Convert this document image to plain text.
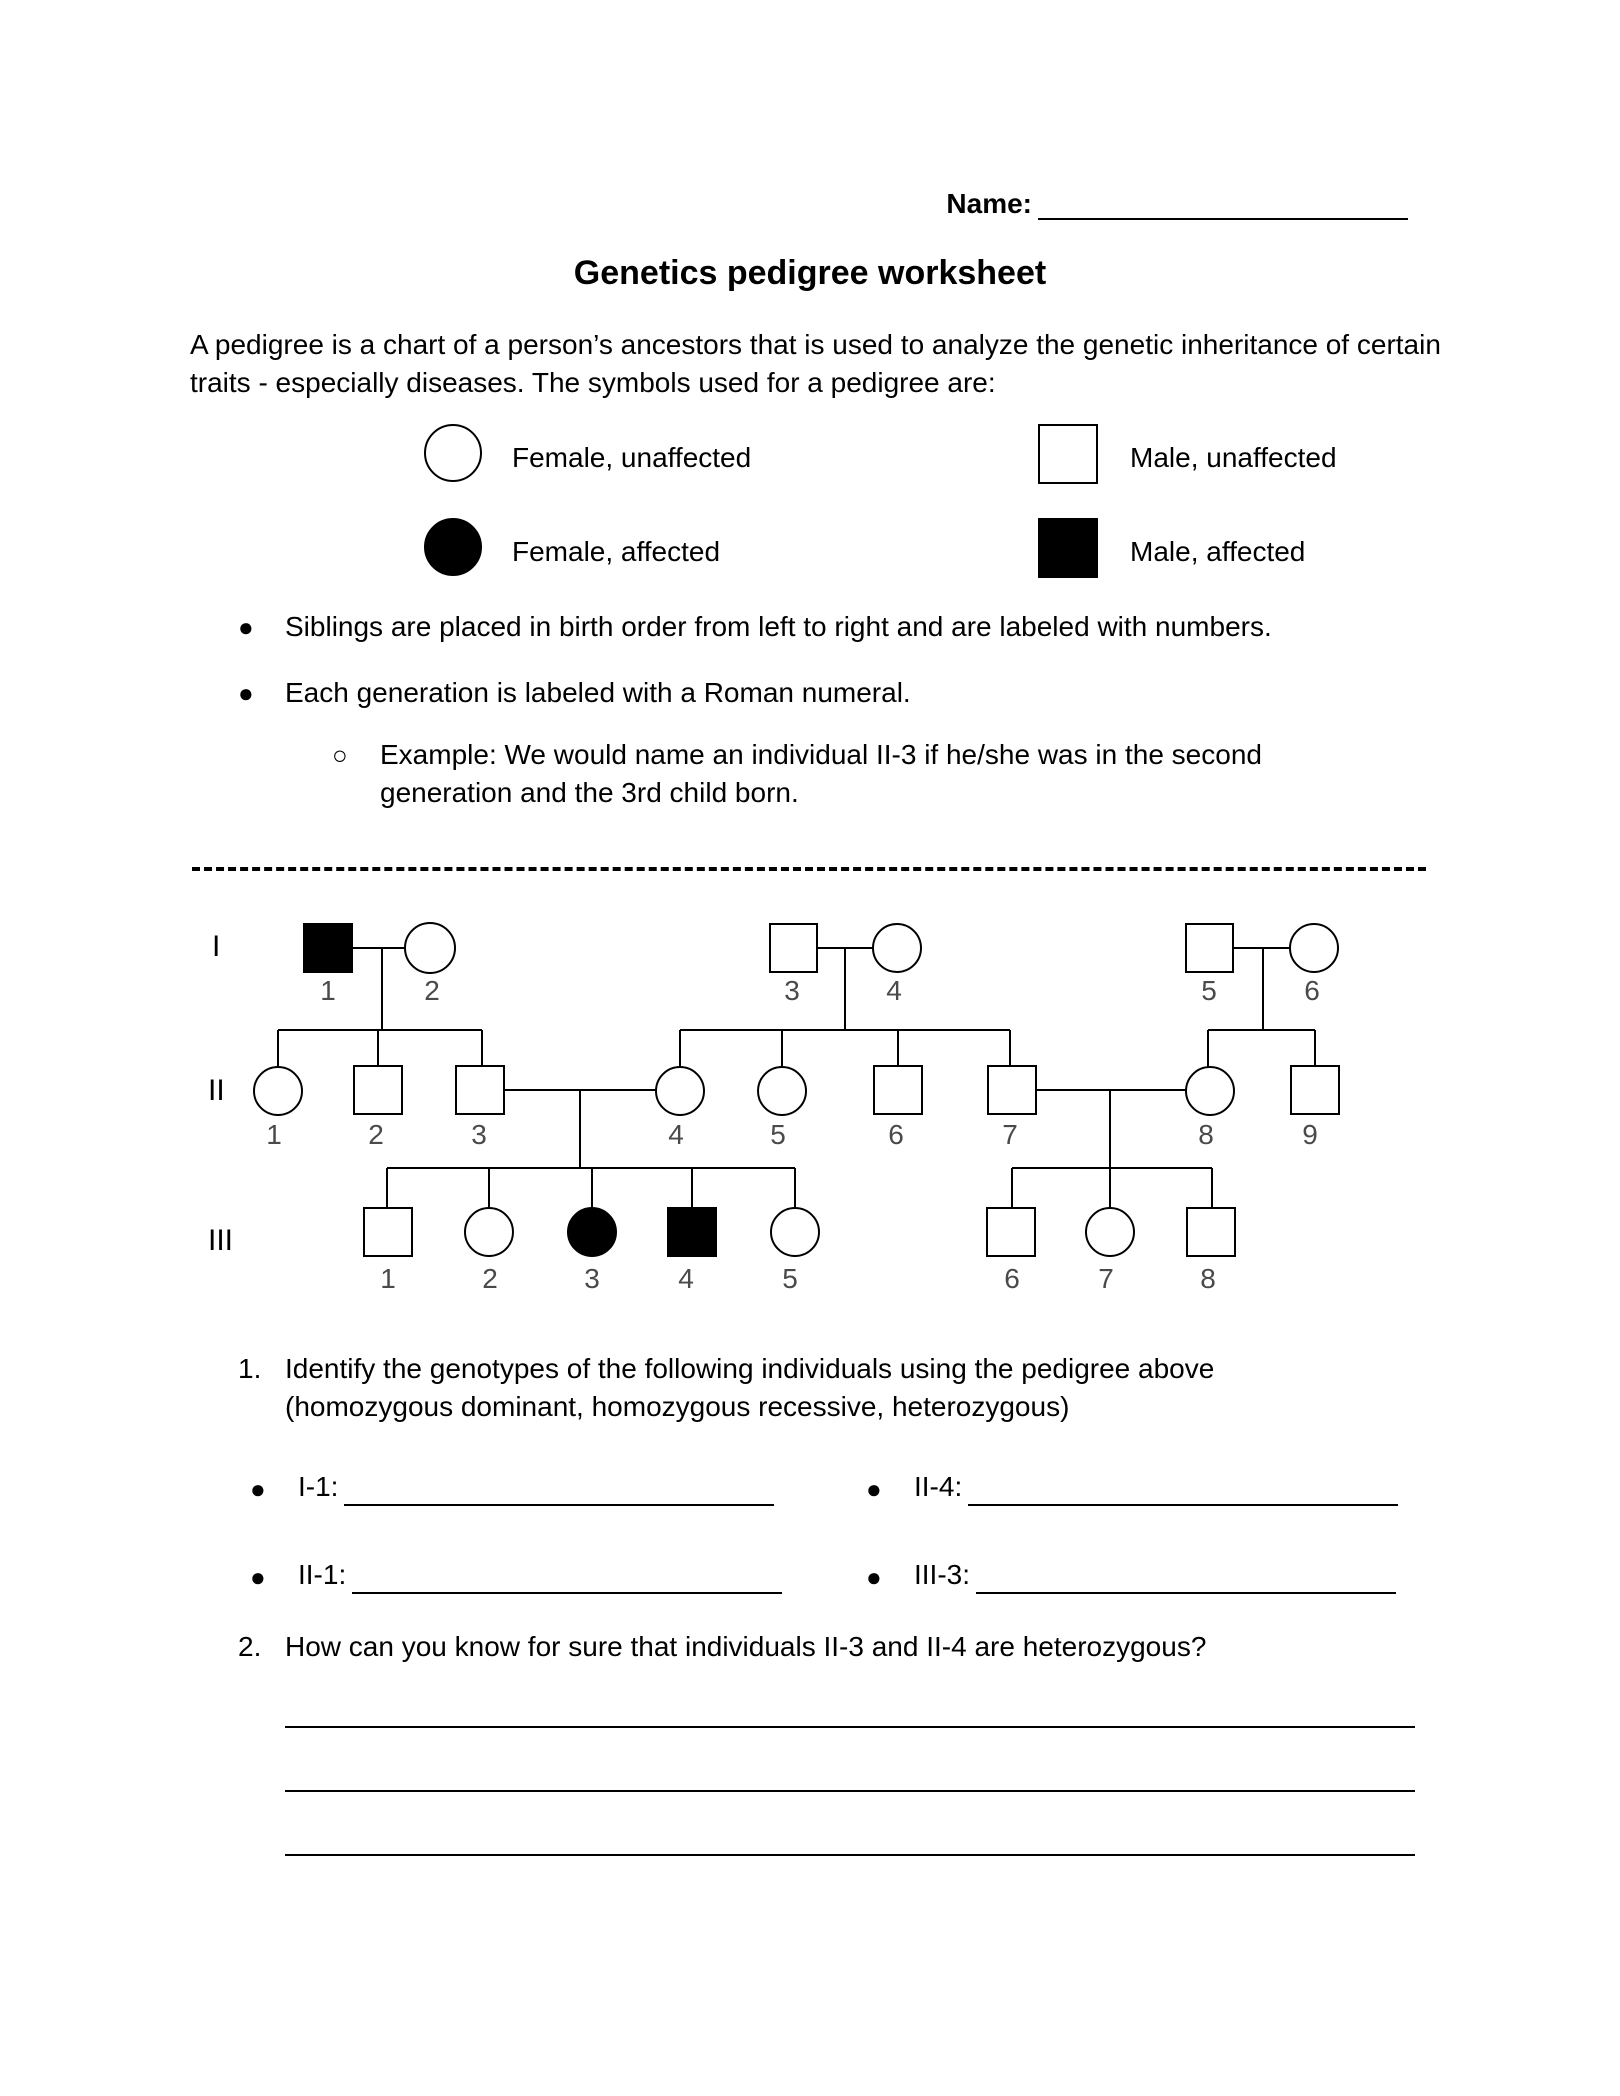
Name:
Genetics pedigree worksheet
A pedigree is a chart of a person’s ancestors that is used to analyze the genetic inheritance of certain traits - especially diseases. The symbols used for a pedigree are:
Female, unaffected	Male, unaffected
Female, affected	Male, affected
● Siblings are placed in birth order from left to right and are labeled with numbers.
● Each generation is labeled with a Roman numeral.
○ Example: We would name an individual II-3 if he/she was in the second generation and the 3rd child born.
I
II
III
1	2	3	4	5	6
1	2	3	4	5	6	7	8	9
1	2	3	4	5	6	7	8
1. Identify the genotypes of the following individuals using the pedigree above (homozygous dominant, homozygous recessive, heterozygous)
● I-1:	● II-4:
● II-1:	● III-3:
2. How can you know for sure that individuals II-3 and II-4 are heterozygous?
